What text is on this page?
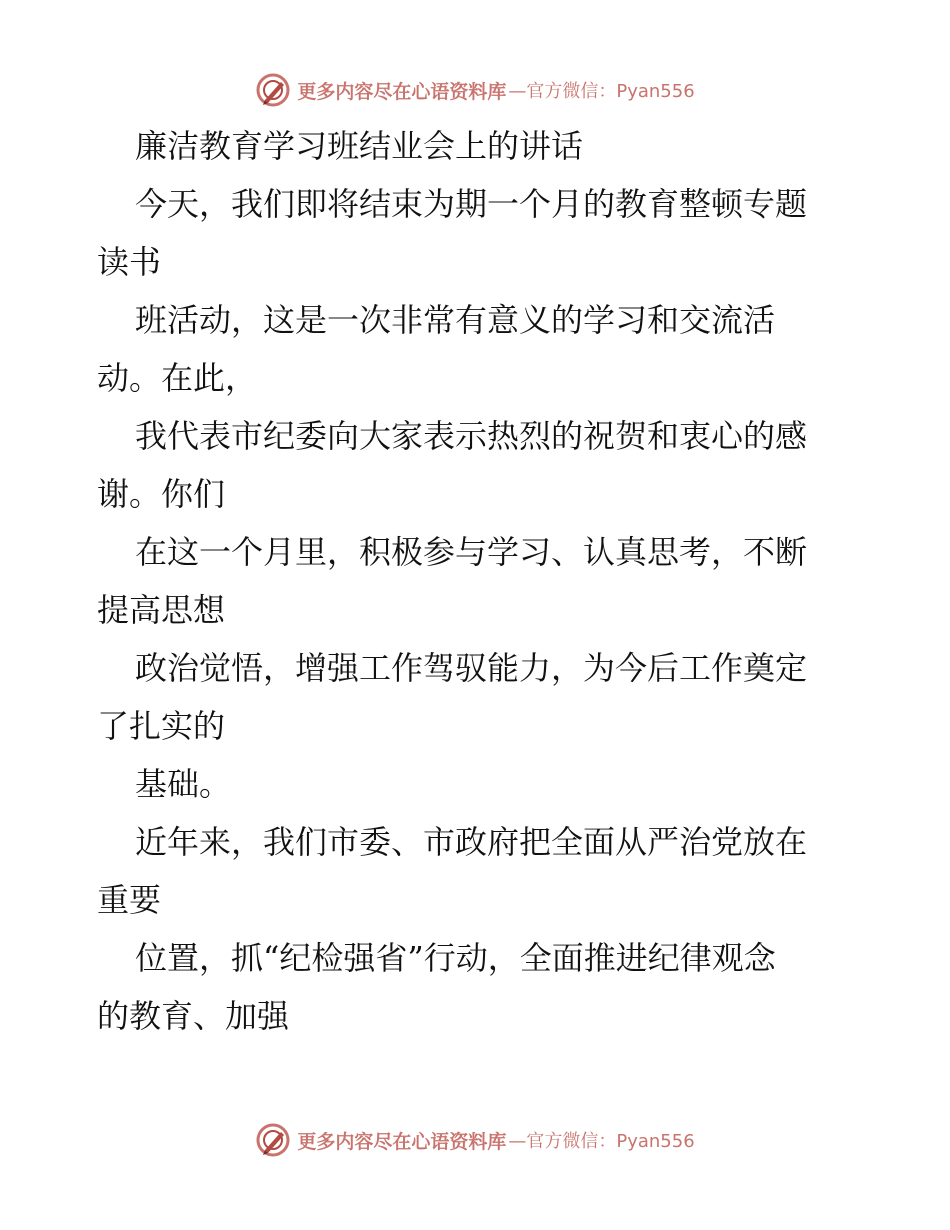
更多内容尽在心语资料库 —官方微信：Pyan556
廉洁教育学习班结业会上的讲话
今天，我们即将结束为期一个月的教育整顿专题
读书
班活动，这是一次非常有意义的学习和交流活
动。在此，
我代表市纪委向大家表示热烈的祝贺和衷心的感
谢。你们
在这一个月里，积极参与学习、认真思考，不断
提高思想
政治觉悟，增强工作驾驭能力，为今后工作奠定
了扎实的
基础。
近年来，我们市委、市政府把全面从严治党放在
重要
位置，抓“纪检强省”行动，全面推进纪律观念
的教育、加强
更多内容尽在心语资料库 —官方微信：Pyan556
